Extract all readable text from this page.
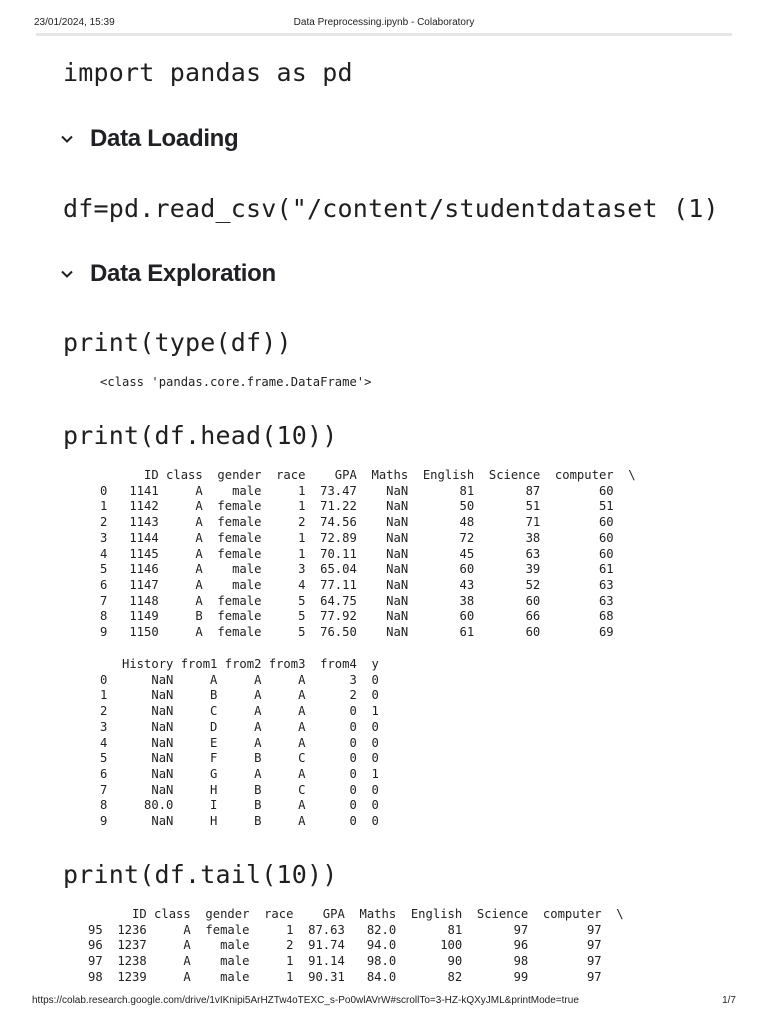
23/01/2024, 15:39	Data Preprocessing.ipynb - Colaboratory
import pandas as pd
Data Loading
df=pd.read_csv("/content/studentdataset (1)
Data Exploration
print(type(df))
<class 'pandas.core.frame.DataFrame'>
print(df.head(10))
ID class  gender  race    GPA  Maths  English  Science  computer  \
0   1141     A    male     1  73.47    NaN       81       87        60
1   1142     A  female     1  71.22    NaN       50       51        51
2   1143     A  female     2  74.56    NaN       48       71        60
3   1144     A  female     1  72.89    NaN       72       38        60
4   1145     A  female     1  70.11    NaN       45       63        60
5   1146     A    male     3  65.04    NaN       60       39        61
6   1147     A    male     4  77.11    NaN       43       52        63
7   1148     A  female     5  64.75    NaN       38       60        63
8   1149     B  female     5  77.92    NaN       60       66        68
9   1150     A  female     5  76.50    NaN       61       60        69
History from1 from2 from3  from4  y
0      NaN     A     A     A      3  0
1      NaN     B     A     A      2  0
2      NaN     C     A     A      0  1
3      NaN     D     A     A      0  0
4      NaN     E     A     A      0  0
5      NaN     F     B     C      0  0
6      NaN     G     A     A      0  1
7      NaN     H     B     C      0  0
8     80.0     I     B     A      0  0
9      NaN     H     B     A      0  0
print(df.tail(10))
ID class  gender  race    GPA  Maths  English  Science  computer  \
95  1236     A  female     1  87.63   82.0       81       97        97
96  1237     A    male     2  91.74   94.0      100       96        97
97  1238     A    male     1  91.14   98.0       90       98        97
98  1239     A    male     1  90.31   84.0       82       99        97
https://colab.research.google.com/drive/1vIKnipi5ArHZTw4oTEXC_s-Po0wlAVrW#scrollTo=3-HZ-kQXyJML&printMode=true	1/7
